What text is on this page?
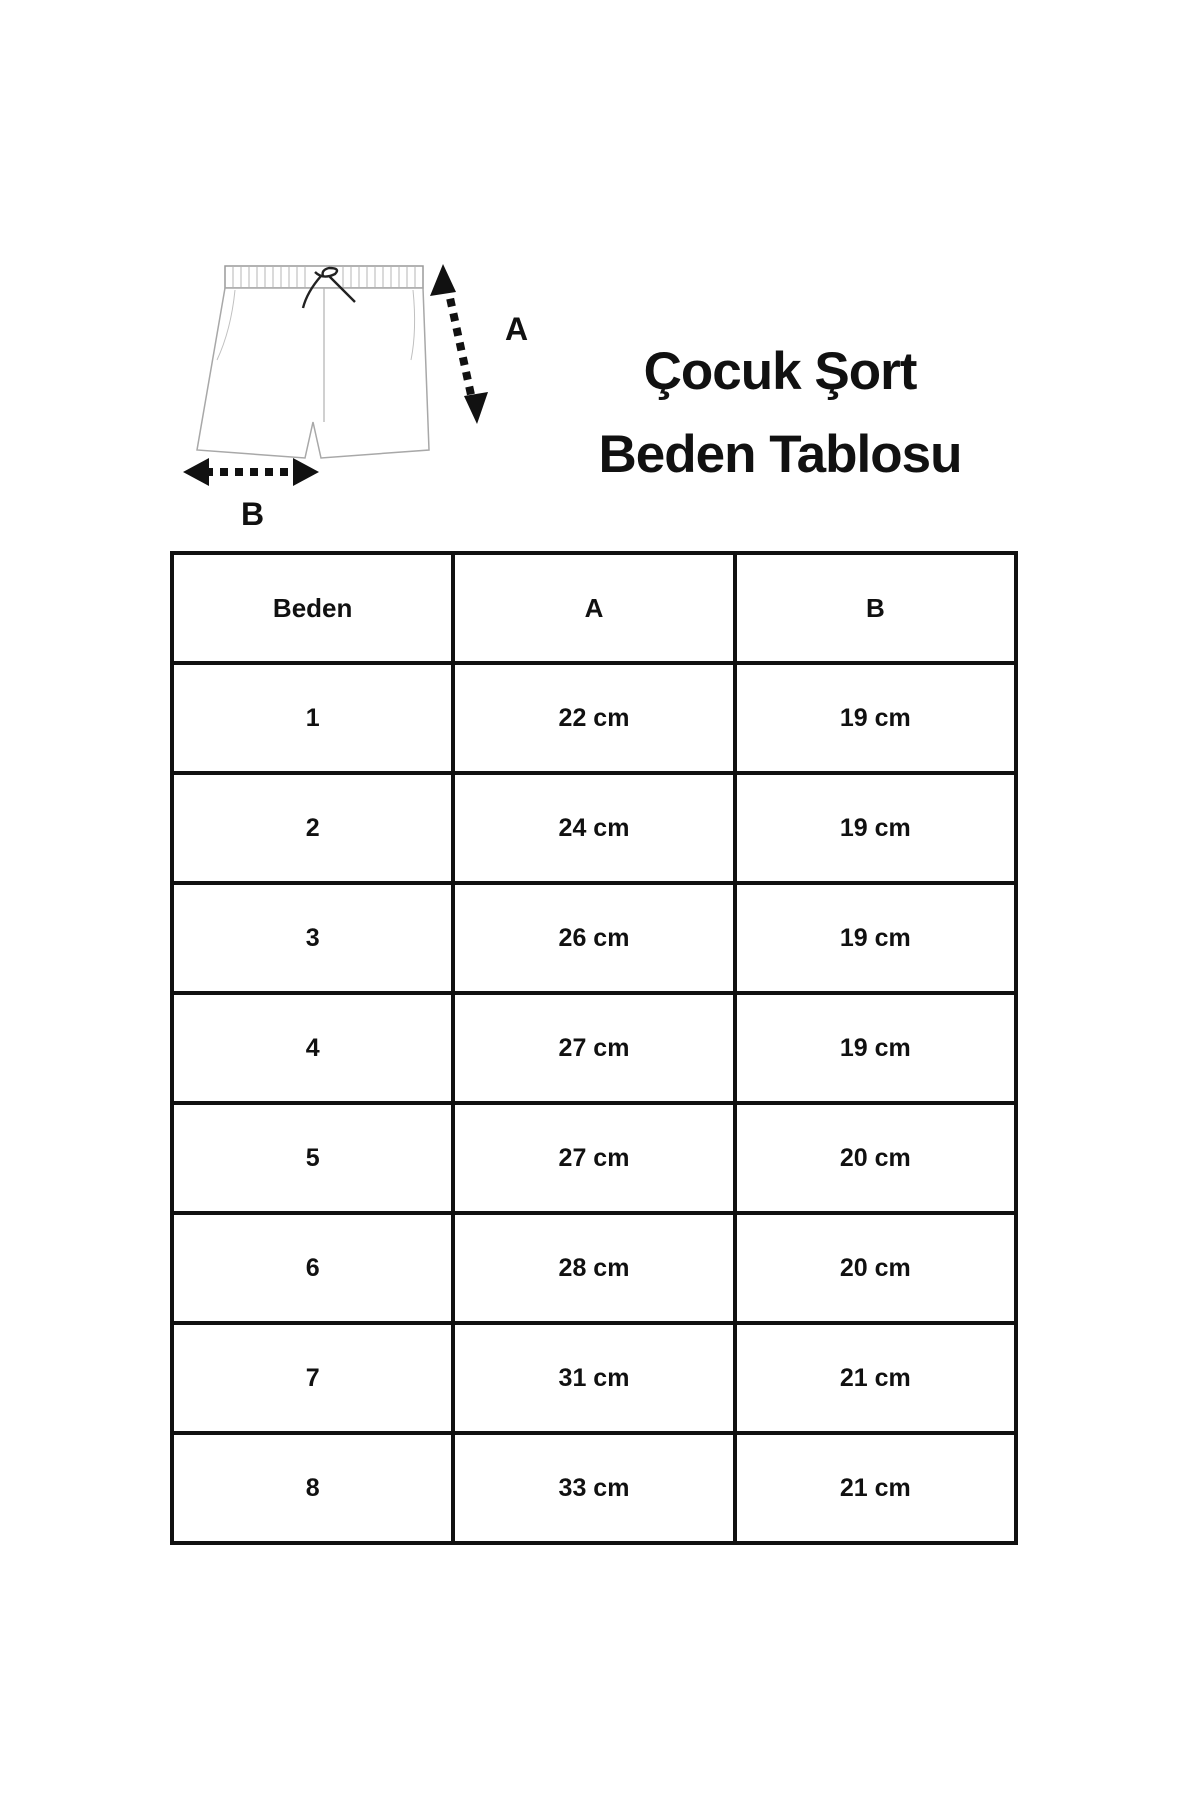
A
B
Çocuk Şort
Beden Tablosu
Beden	A	B
1	22 cm	19 cm
2	24 cm	19 cm
3	26 cm	19 cm
4	27 cm	19 cm
5	27 cm	20 cm
6	28 cm	20 cm
7	31 cm	21 cm
8	33 cm	21 cm
